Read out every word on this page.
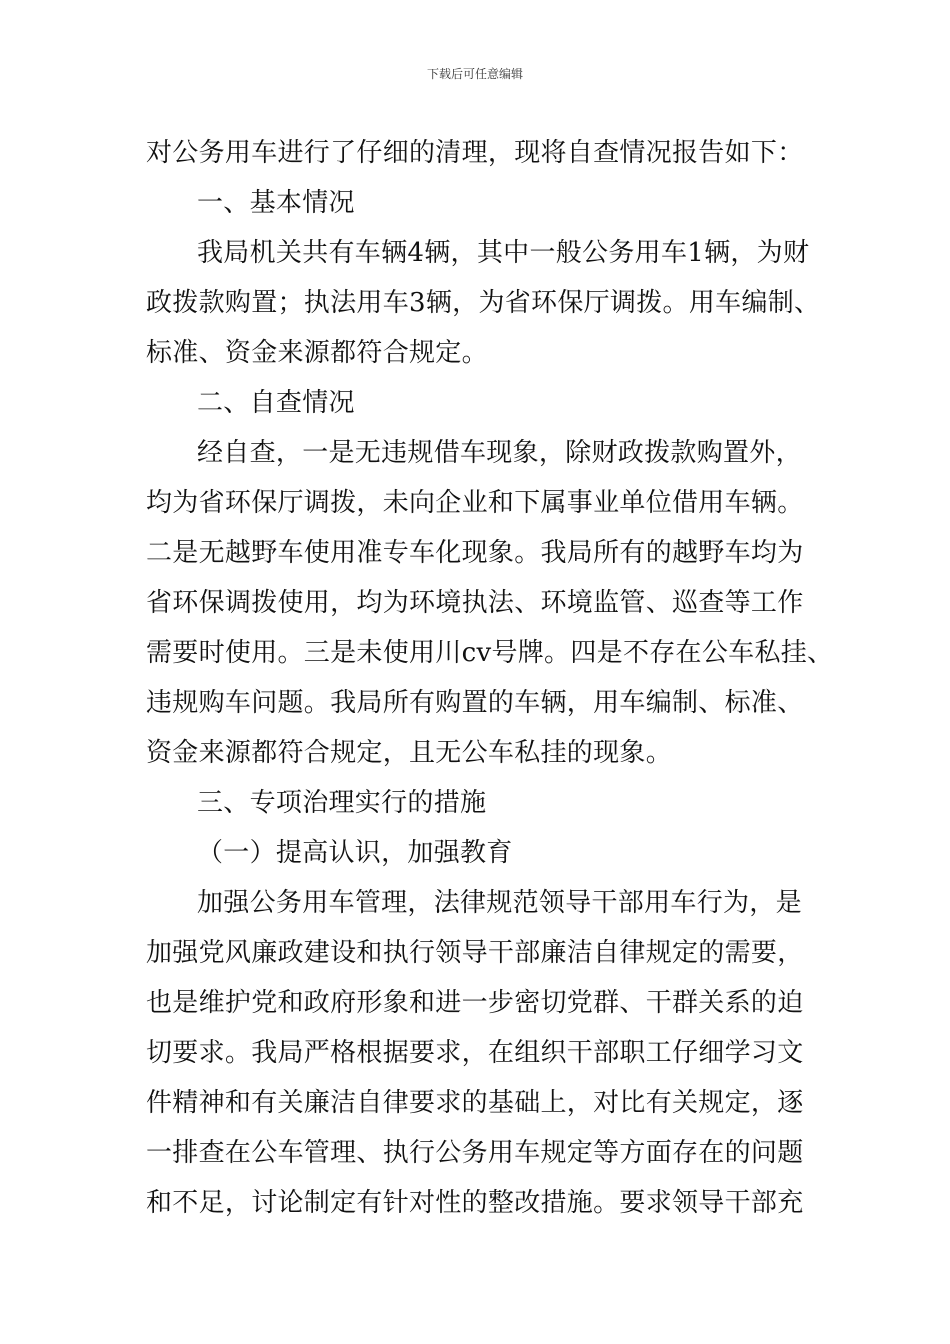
下载后可任意编辑
对公务用车进行了仔细的清理，现将自查情况报告如下：
一、基本情况
我局机关共有车辆4辆，其中一般公务用车1辆，为财
政拨款购置；执法用车3辆，为省环保厅调拨。用车编制、
标准、资金来源都符合规定。
二、自查情况
经自查，一是无违规借车现象，除财政拨款购置外，
均为省环保厅调拨，未向企业和下属事业单位借用车辆。
二是无越野车使用准专车化现象。我局所有的越野车均为
省环保调拨使用，均为环境执法、环境监管、巡查等工作
需要时使用。三是未使用川cv号牌。四是不存在公车私挂、
违规购车问题。我局所有购置的车辆，用车编制、标准、
资金来源都符合规定，且无公车私挂的现象。
三、专项治理实行的措施
（一）提高认识，加强教育
加强公务用车管理，法律规范领导干部用车行为，是
加强党风廉政建设和执行领导干部廉洁自律规定的需要，
也是维护党和政府形象和进一步密切党群、干群关系的迫
切要求。我局严格根据要求，在组织干部职工仔细学习文
件精神和有关廉洁自律要求的基础上，对比有关规定，逐
一排查在公车管理、执行公务用车规定等方面存在的问题
和不足，讨论制定有针对性的整改措施。要求领导干部充
